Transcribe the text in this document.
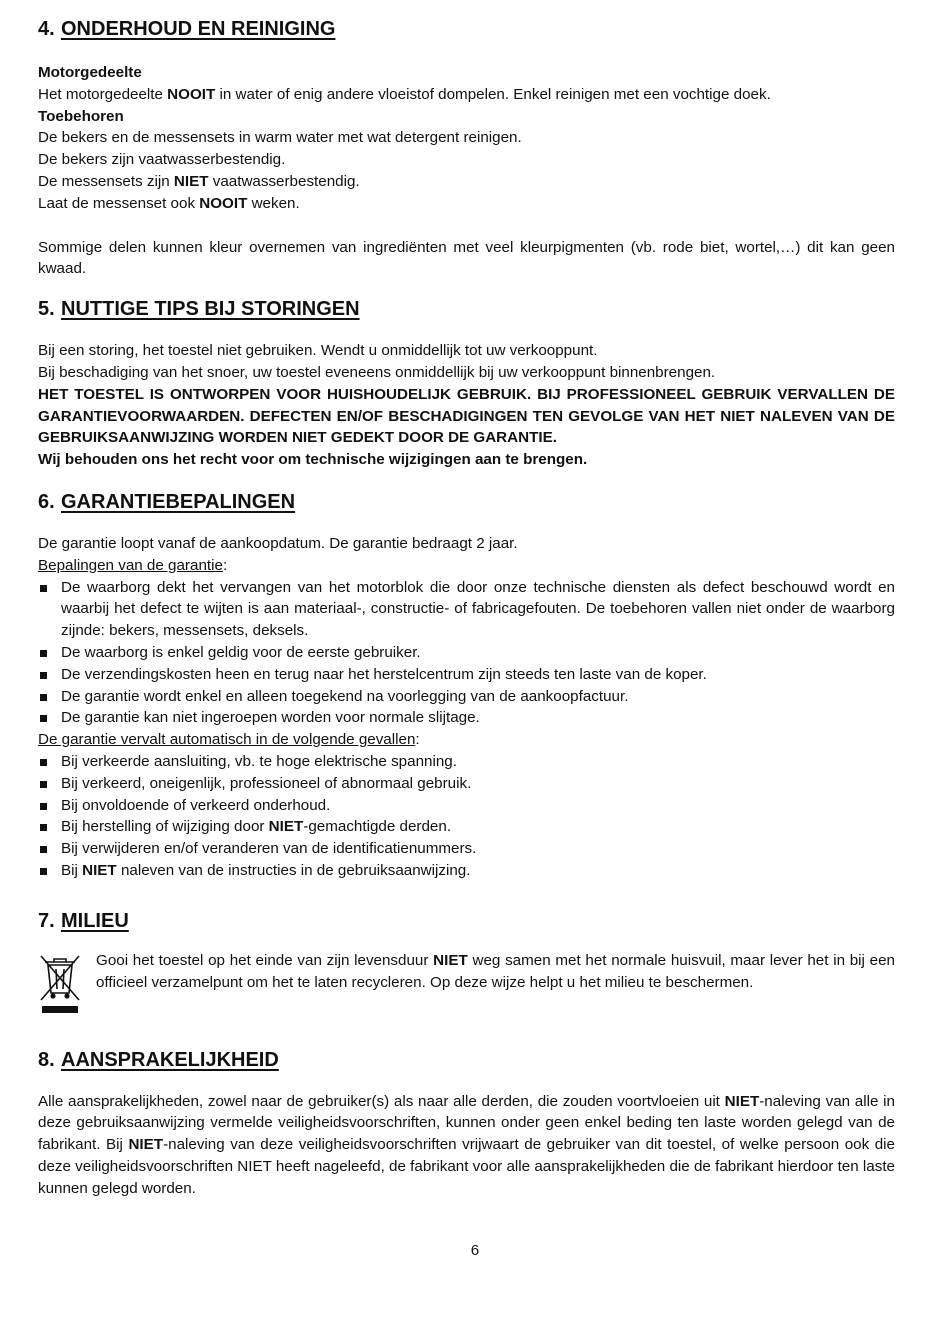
4. ONDERHOUD EN REINIGING

Motorgedeelte

Het motorgedeelte NOOIT in water of enig andere vloeistof dompelen. Enkel reinigen met een vochtige doek.

Toebehoren

De bekers en de messensets in warm water met wat detergent reinigen.

De bekers zijn vaatwasserbestendig.

De messensets zijn NIET vaatwasserbestendig.

Laat de messenset ook NOOIT weken.

Sommige delen kunnen kleur overnemen van ingrediënten met veel kleurpigmenten (vb. rode biet, wortel,…) dit kan geen kwaad.

5. NUTTIGE TIPS BIJ STORINGEN

Bij een storing, het toestel niet gebruiken. Wendt u onmiddellijk tot uw verkooppunt.

Bij beschadiging van het snoer, uw toestel eveneens onmiddellijk bij uw verkooppunt binnenbrengen.

HET TOESTEL IS ONTWORPEN VOOR HUISHOUDELIJK GEBRUIK. BIJ PROFESSIONEEL GEBRUIK VERVALLEN DE GARANTIEVOORWAARDEN. DEFECTEN EN/OF BESCHADIGINGEN TEN GEVOLGE VAN HET NIET NALEVEN VAN DE GEBRUIKSAANWIJZING WORDEN NIET GEDEKT DOOR DE GARANTIE.

Wij behouden ons het recht voor om technische wijzigingen aan te brengen.

6. GARANTIEBEPALINGEN

De garantie loopt vanaf de aankoopdatum. De garantie bedraagt 2 jaar.

Bepalingen van de garantie:

De waarborg dekt het vervangen van het motorblok die door onze technische diensten als defect beschouwd wordt en waarbij het defect te wijten is aan materiaal-, constructie- of fabricagefouten. De toebehoren vallen niet onder de waarborg zijnde: bekers, messensets, deksels.
De waarborg is enkel geldig voor de eerste gebruiker.
De verzendingskosten heen en terug naar het herstelcentrum zijn steeds ten laste van de koper.
De garantie wordt enkel en alleen toegekend na voorlegging van de aankoopfactuur.
De garantie kan niet ingeroepen worden voor normale slijtage.

De garantie vervalt automatisch in de volgende gevallen:

Bij verkeerde aansluiting, vb. te hoge elektrische spanning.
Bij verkeerd, oneigenlijk, professioneel of abnormaal gebruik.
Bij onvoldoende of verkeerd onderhoud.
Bij herstelling of wijziging door NIET-gemachtigde derden.
Bij verwijderen en/of veranderen van de identificatienummers.
Bij NIET naleven van de instructies in de gebruiksaanwijzing.
7. MILIEU

Gooi het toestel op het einde van zijn levensduur NIET weg samen met het normale huisvuil, maar lever het in bij een officieel verzamelpunt om het te laten recycleren. Op deze wijze helpt u het milieu te beschermen.

8. AANSPRAKELIJKHEID

Alle aansprakelijkheden, zowel naar de gebruiker(s) als naar alle derden, die zouden voortvloeien uit NIET-naleving van alle in deze gebruiksaanwijzing vermelde veiligheidsvoorschriften, kunnen onder geen enkel beding ten laste worden gelegd van de fabrikant. Bij NIET-naleving van deze veiligheidsvoorschriften vrijwaart de gebruiker van dit toestel, of welke persoon ook die deze veiligheidsvoorschriften NIET heeft nageleefd, de fabrikant voor alle aansprakelijkheden die de fabrikant hierdoor ten laste kunnen gelegd worden.

6
